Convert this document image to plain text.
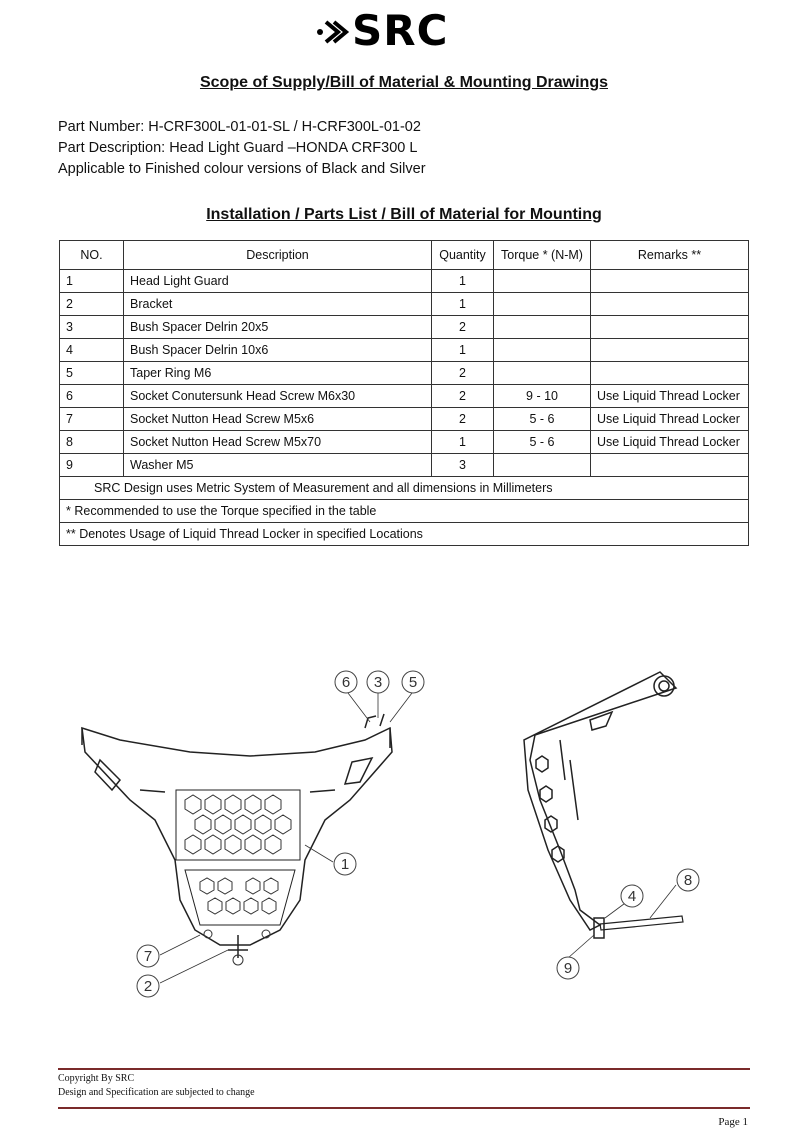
SRC
Scope of Supply/Bill of Material & Mounting Drawings
Part Number: H-CRF300L-01-01-SL / H-CRF300L-01-02
Part Description: Head Light Guard –HONDA CRF300 L
Applicable to Finished colour versions of Black and Silver
Installation / Parts List / Bill of Material for Mounting
NO.	Description	Quantity	Torque * (N-M)	Remarks **
1	Head Light Guard	1		
2	Bracket	1		
3	Bush Spacer Delrin 20x5	2		
4	Bush Spacer Delrin 10x6	1		
5	Taper Ring M6	2		
6	Socket Conutersunk Head Screw M6x30	2	9 - 10	Use Liquid Thread Locker
7	Socket Nutton Head Screw M5x6	2	5 - 6	Use Liquid Thread Locker
8	Socket Nutton Head Screw M5x70	1	5 - 6	Use Liquid Thread Locker
9	Washer M5	3		
SRC Design uses Metric System of Measurement and all dimensions in Millimeters				
* Recommended to use the Torque specified in the table				
** Denotes Usage of Liquid Thread Locker in specified Locations				
6 3 5
1
7
2
4
8
9
Copyright By SRC
Design and Specification are subjected to change
Page 1
